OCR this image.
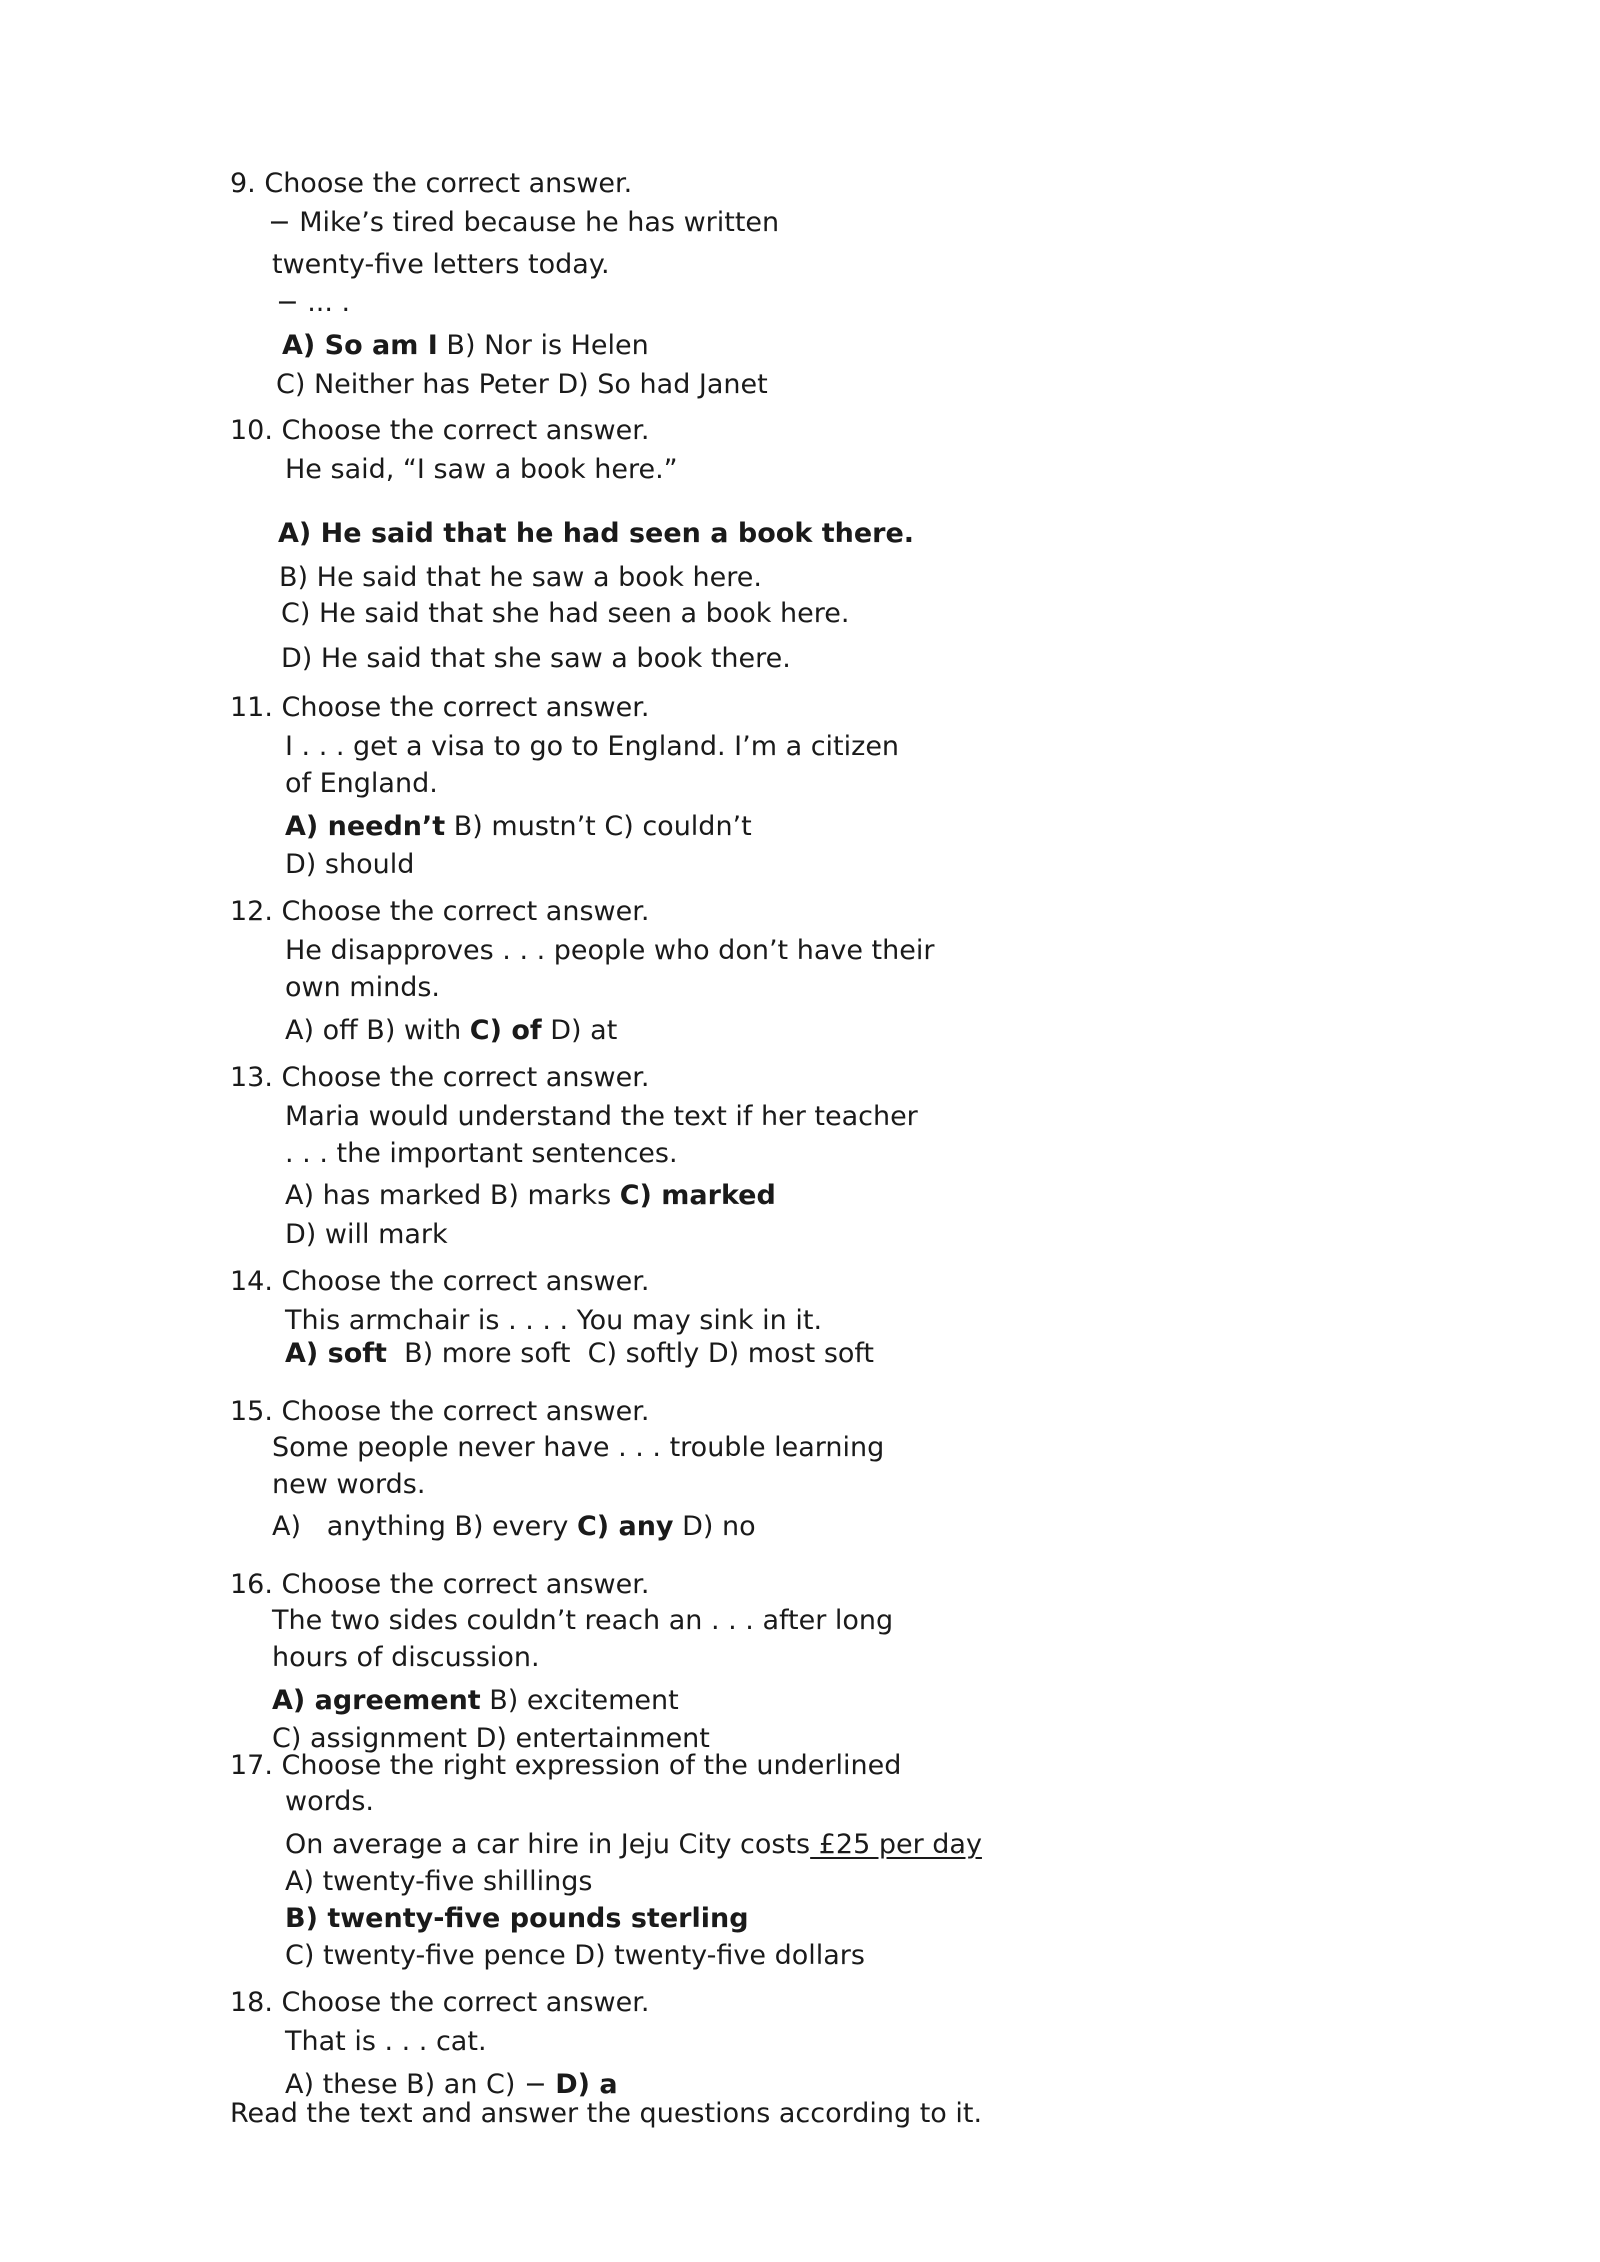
9. Choose the correct answer.
− Mike’s tired because he has written
twenty-five letters today.
− ... .
A) So am I B) Nor is Helen
C) Neither has Peter D) So had Janet
10. Choose the correct answer.
He said, “I saw a book here.”
A) He said that he had seen a book there.
B) He said that he saw a book here.
C) He said that she had seen a book here.
D) He said that she saw a book there.
11. Choose the correct answer.
I . . . get a visa to go to England. I’m a citizen
of England.
A) needn’t B) mustn’t C) couldn’t
D) should
12. Choose the correct answer.
He disapproves . . . people who don’t have their
own minds.
A) off B) with C) of D) at
13. Choose the correct answer.
Maria would understand the text if her teacher
. . . the important sentences.
A) has marked B) marks C) marked
D) will mark
14. Choose the correct answer.
This armchair is . . . . You may sink in it.
A) soft  B) more soft  C) softly D) most soft
15. Choose the correct answer.
Some people never have . . . trouble learning
new words.
A)   anything B) every C) any D) no
16. Choose the correct answer.
The two sides couldn’t reach an . . . after long
hours of discussion.
A) agreement B) excitement
C) assignment D) entertainment
17. Choose the right expression of the underlined
words.
On average a car hire in Jeju City costs £25 per day
A) twenty-five shillings
B) twenty-five pounds sterling
C) twenty-five pence D) twenty-five dollars
18. Choose the correct answer.
That is . . . cat.
A) these B) an C) − D) a
Read the text and answer the questions according to it.
